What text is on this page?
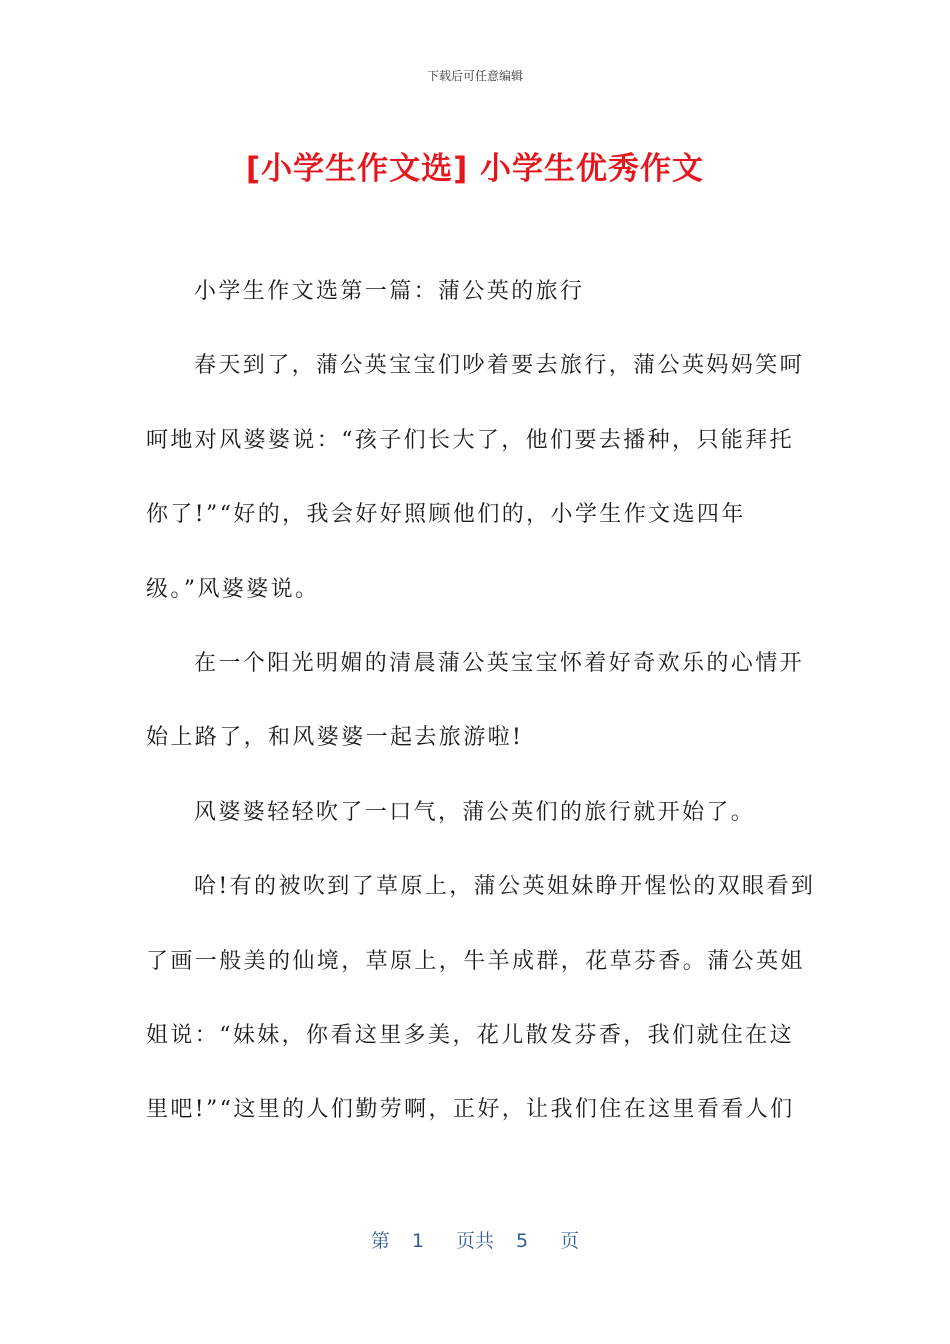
下载后可任意编辑
[小学生作文选] 小学生优秀作文

小学生作文选第一篇：蒲公英的旅行

春天到了，蒲公英宝宝们吵着要去旅行，蒲公英妈妈笑呵
呵地对风婆婆说：“孩子们长大了，他们要去播种，只能拜托
你了!”“好的，我会好好照顾他们的，小学生作文选四年
级。”风婆婆说。

在一个阳光明媚的清晨蒲公英宝宝怀着好奇欢乐的心情开
始上路了，和风婆婆一起去旅游啦!

风婆婆轻轻吹了一口气，蒲公英们的旅行就开始了。

哈!有的被吹到了草原上，蒲公英姐妹睁开惺忪的双眼看到
了画一般美的仙境，草原上，牛羊成群，花草芬香。蒲公英姐
姐说：“妹妹，你看这里多美，花儿散发芬香，我们就住在这
里吧!”“这里的人们勤劳啊，正好，让我们住在这里看看人们

第 1 页共 5 页
